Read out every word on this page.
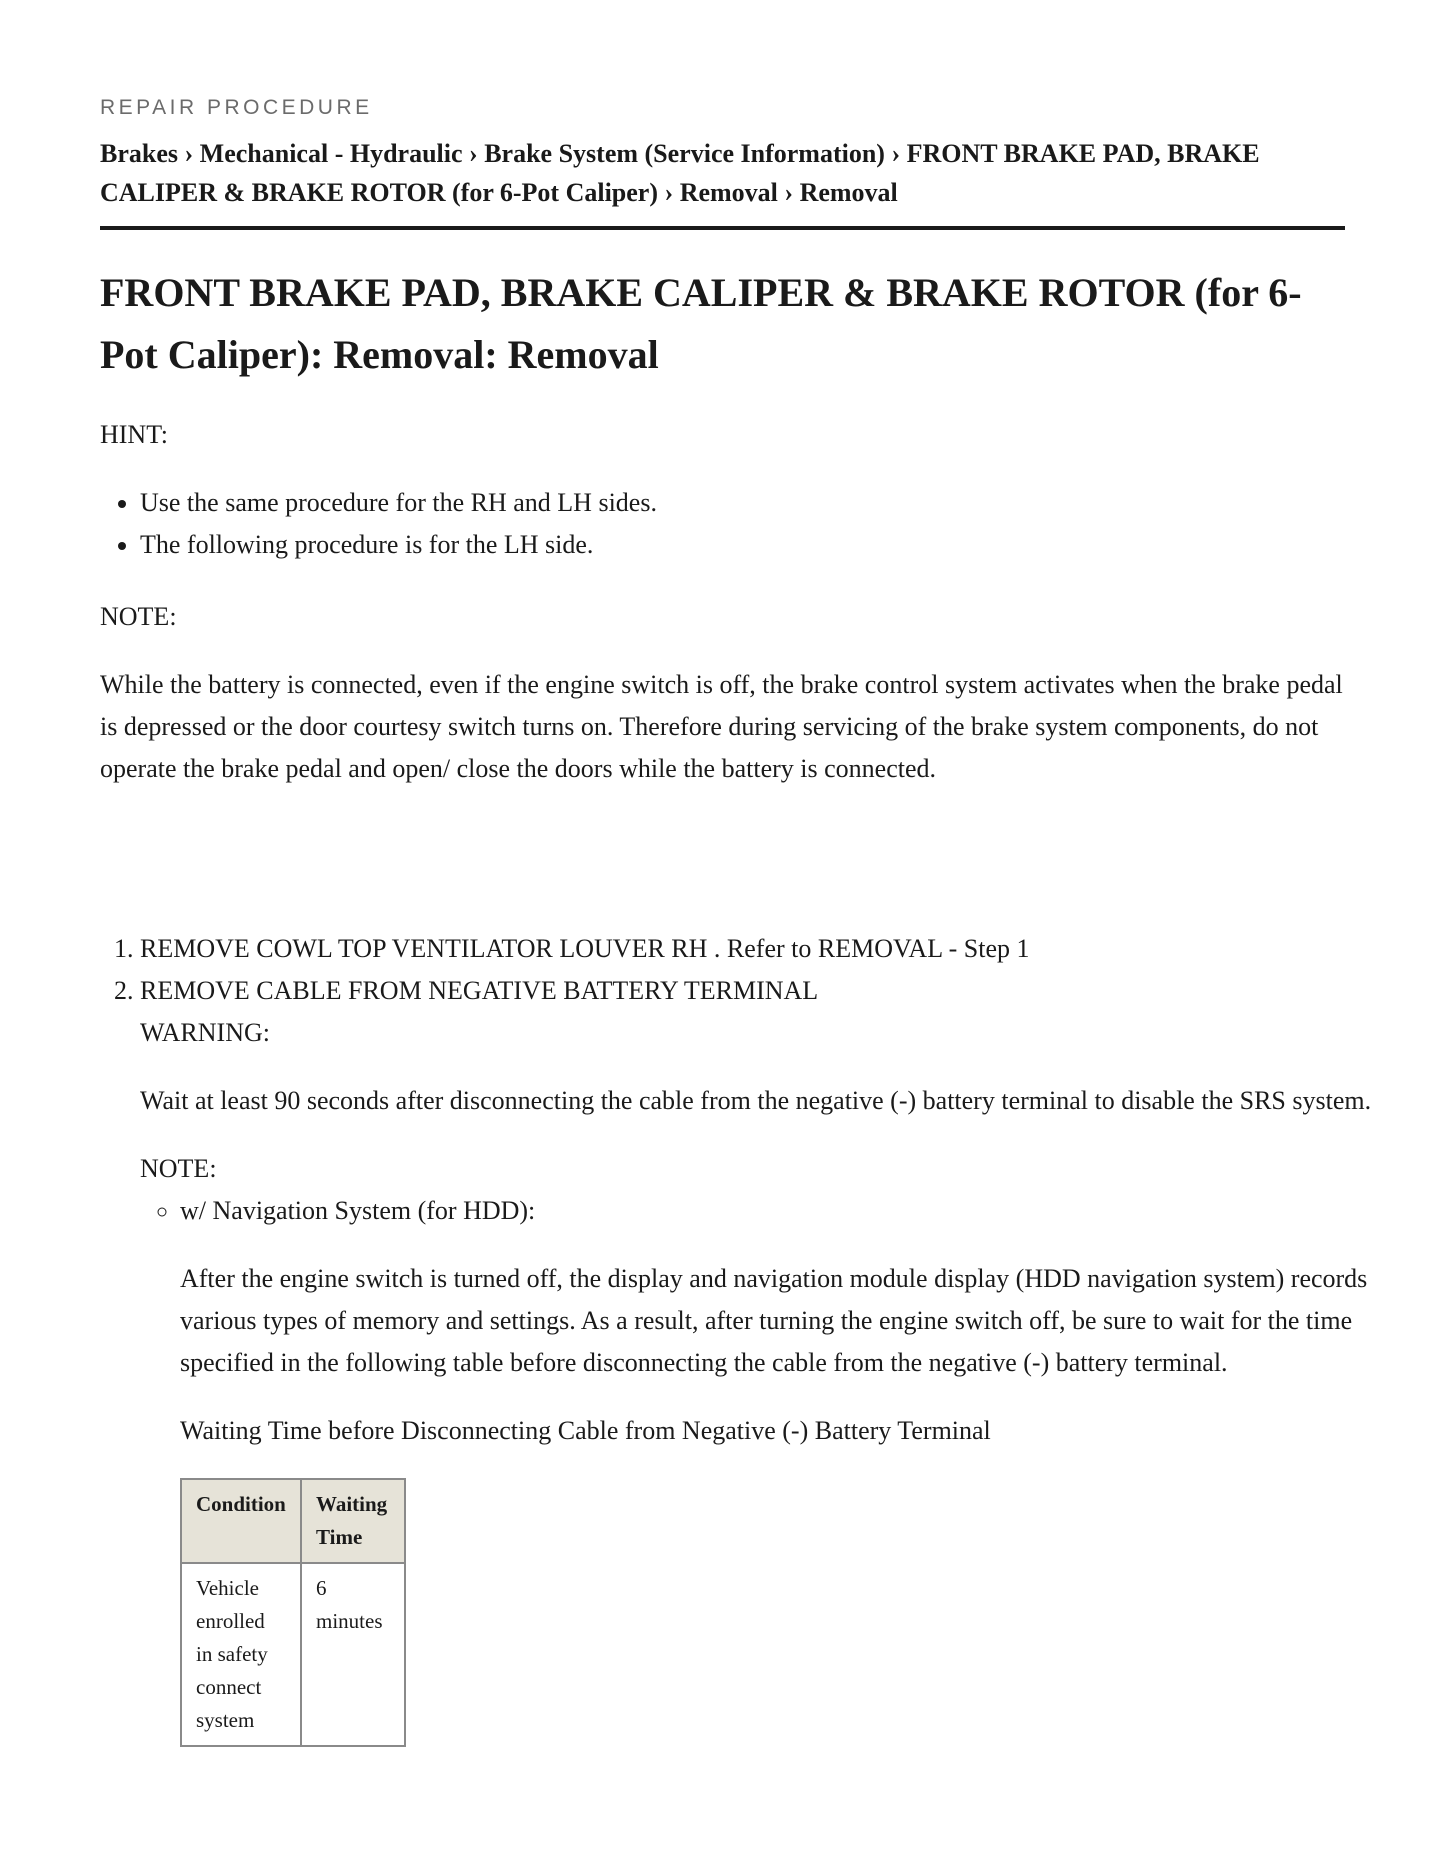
REPAIR PROCEDURE
Brakes › Mechanical - Hydraulic › Brake System (Service Information) › FRONT BRAKE PAD, BRAKE CALIPER & BRAKE ROTOR (for 6-Pot Caliper) › Removal › Removal
FRONT BRAKE PAD, BRAKE CALIPER & BRAKE ROTOR (for 6-Pot Caliper): Removal: Removal
HINT:
• Use the same procedure for the RH and LH sides.
• The following procedure is for the LH side.
NOTE:

While the battery is connected, even if the engine switch is off, the brake control system activates when the brake pedal is depressed or the door courtesy switch turns on. Therefore during servicing of the brake system components, do not operate the brake pedal and open/ close the doors while the battery is connected.

1. REMOVE COWL TOP VENTILATOR LOUVER RH . Refer to REMOVAL - Step 1
2. REMOVE CABLE FROM NEGATIVE BATTERY TERMINAL
WARNING:

Wait at least 90 seconds after disconnecting the cable from the negative (-) battery terminal to disable the SRS system.

NOTE:
◦ w/ Navigation System (for HDD):

After the engine switch is turned off, the display and navigation module display (HDD navigation system) records various types of memory and settings. As a result, after turning the engine switch off, be sure to wait for the time specified in the following table before disconnecting the cable from the negative (-) battery terminal.

Waiting Time before Disconnecting Cable from Negative (-) Battery Terminal

Condition	Waiting Time
Vehicle enrolled in safety connect system	6 minutes
